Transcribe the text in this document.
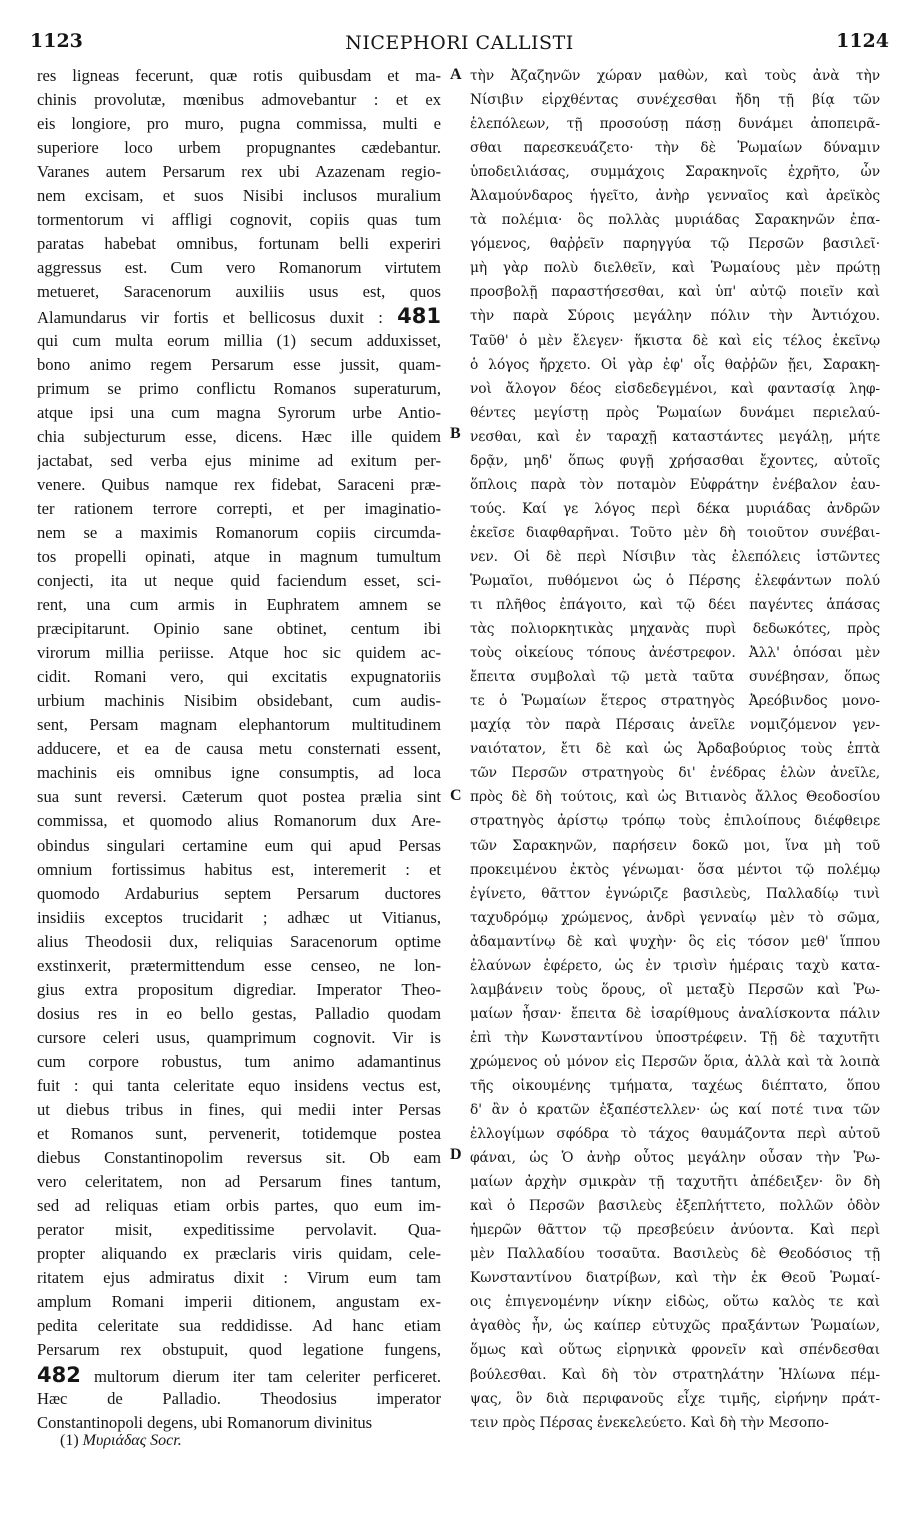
1123	NICEPHORI CALLISTI	1124
res ligneas fecerunt, quæ rotis quibusdam et ma-
chinis provolutæ, mœnibus admovebantur : et ex
eis longiore, pro muro, pugna commissa, multi e
superiore loco urbem propugnantes cædebantur.
Varanes autem Persarum rex ubi Azazenam regio-
nem excisam, et suos Nisibi inclusos muralium
tormentorum vi affligi cognovit, copiis quas tum
paratas habebat omnibus, fortunam belli experiri
aggressus est. Cum vero Romanorum virtutem
metueret, Saracenorum auxiliis usus est, quos
Alamundarus vir fortis et bellicosus duxit : 481
qui cum multa eorum millia (1) secum adduxisset,
bono animo regem Persarum esse jussit, quam-
primum se primo conflictu Romanos superaturum,
atque ipsi una cum magna Syrorum urbe Antio-
chia subjecturum esse, dicens. Hæc ille quidem
jactabat, sed verba ejus minime ad exitum per-
venere. Quibus namque rex fidebat, Saraceni præ-
ter rationem terrore correpti, et per imaginatio-
nem se a maximis Romanorum copiis circumda-
tos propelli opinati, atque in magnum tumultum
conjecti, ita ut neque quid faciendum esset, sci-
rent, una cum armis in Euphratem amnem se
præcipitarunt. Opinio sane obtinet, centum ibi
virorum millia periisse. Atque hoc sic quidem ac-
cidit. Romani vero, qui excitatis expugnatoriis
urbium machinis Nisibim obsidebant, cum audis-
sent, Persam magnam elephantorum multitudinem
adducere, et ea de causa metu consternati essent,
machinis eis omnibus igne consumptis, ad loca
sua sunt reversi. Cæterum quot postea prælia sint
commissa, et quomodo alius Romanorum dux Are-
obindus singulari certamine eum qui apud Persas
omnium fortissimus habitus est, interemerit : et
quomodo Ardaburius septem Persarum ductores
insidiis exceptos trucidarit ; adhæc ut Vitianus,
alius Theodosii dux, reliquias Saracenorum optime
exstinxerit, prætermittendum esse censeo, ne lon-
gius extra propositum digrediar. Imperator Theo-
dosius res in eo bello gestas, Palladio quodam
cursore celeri usus, quamprimum cognovit. Vir is
cum corpore robustus, tum animo adamantinus
fuit : qui tanta celeritate equo insidens vectus est,
ut diebus tribus in fines, qui medii inter Persas
et Romanos sunt, pervenerit, totidemque postea
diebus Constantinopolim reversus sit. Ob eam
vero celeritatem, non ad Persarum fines tantum,
sed ad reliquas etiam orbis partes, quo eum im-
perator misit, expeditissime pervolavit. Qua-
propter aliquando ex præclaris viris quidam, cele-
ritatem ejus admiratus dixit : Virum eum tam
amplum Romani imperii ditionem, angustam ex-
pedita celeritate sua reddidisse. Ad hanc etiam
Persarum rex obstupuit, quod legatione fungens,
482 multorum dierum iter tam celeriter perficeret.
Hæc de Palladio. Theodosius imperator
Constantinopoli degens, ubi Romanorum divinitus
τὴν Ἀζαζηνῶν χώραν μαθὼν, καὶ τοὺς ἀνὰ τὴν
Νίσιβιν εἱρχθέντας συνέχεσθαι ἤδη τῇ βίᾳ τῶν
ἑλεπόλεων, τῇ προσούσῃ πάσῃ δυνάμει ἀποπειρᾶ-
σθαι παρεσκευάζετο· τὴν δὲ Ῥωμαίων δύναμιν
ὑποδειλιάσας, συμμάχοις Σαρακηνοῖς ἐχρῆτο, ὧν
Ἀλαμούνδαρος ἡγεῖτο, ἀνὴρ γενναῖος καὶ ἀρεϊκὸς
τὰ πολέμια· ὃς πολλὰς μυριάδας Σαρακηνῶν ἐπα-
γόμενος, θαῤῥεῖν παρηγγύα τῷ Περσῶν βασιλεῖ·
μὴ γὰρ πολὺ διελθεῖν, καὶ Ῥωμαίους μὲν πρώτῃ
προσβολῇ παραστήσεσθαι, καὶ ὑπ' αὐτῷ ποιεῖν καὶ
τὴν παρὰ Σύροις μεγάλην πόλιν τὴν Ἀντιόχου.
Ταῦθ' ὁ μὲν ἔλεγεν· ἥκιστα δὲ καὶ εἰς τέλος ἐκεῖνῳ
ὁ λόγος ἤρχετο. Οἱ γὰρ ἐφ' οἷς θαῤῥῶν ᾔει, Σαρακη-
νοὶ ἄλογον δέος εἰσδεδεγμένοι, καὶ φαντασίᾳ ληφ-
θέντες μεγίστῃ πρὸς Ῥωμαίων δυνάμει περιελαύ-
νεσθαι, καὶ ἐν ταραχῇ καταστάντες μεγάλῃ, μήτε
δρᾷν, μηδ' ὅπως φυγῇ χρήσασθαι ἔχοντες, αὐτοῖς
ὅπλοις παρὰ τὸν ποταμὸν Εὐφράτην ἐνέβαλον ἑαυ-
τούς. Καί γε λόγος περὶ δέκα μυριάδας ἀνδρῶν
ἐκεῖσε διαφθαρῆναι. Τοῦτο μὲν δὴ τοιοῦτον συνέβαι-
νεν. Οἱ δὲ περὶ Νίσιβιν τὰς ἑλεπόλεις ἱστῶντες
Ῥωμαῖοι, πυθόμενοι ὡς ὁ Πέρσης ἐλεφάντων πολύ
τι πλῆθος ἐπάγοιτο, καὶ τῷ δέει παγέντες ἁπάσας
τὰς πολιορκητικὰς μηχανὰς πυρὶ δεδωκότες, πρὸς
τοὺς οἰκείους τόπους ἀνέστρεφον. Ἀλλ' ὁπόσαι μὲν
ἔπειτα συμβολαὶ τῷ μετὰ ταῦτα συνέβησαν, ὅπως
τε ὁ Ῥωμαίων ἕτερος στρατηγὸς Ἀρεόβινδος μονο-
μαχίᾳ τὸν παρὰ Πέρσαις ἀνεῖλε νομιζόμενον γεν-
ναιότατον, ἔτι δὲ καὶ ὡς Ἀρδαβούριος τοὺς ἑπτὰ
τῶν Περσῶν στρατηγοὺς δι' ἐνέδρας ἑλὼν ἀνεῖλε,
πρὸς δὲ δὴ τούτοις, καὶ ὡς Βιτιανὸς ἄλλος Θεοδοσίου
στρατηγὸς ἀρίστῳ τρόπῳ τοὺς ἐπιλοίπους διέφθειρε
τῶν Σαρακηνῶν, παρήσειν δοκῶ μοι, ἵνα μὴ τοῦ
προκειμένου ἐκτὸς γένωμαι· ὅσα μέντοι τῷ πολέμῳ
ἐγίνετο, θᾶττον ἐγνώριζε βασιλεὺς, Παλλαδίῳ τινὶ
ταχυδρόμῳ χρώμενος, ἀνδρὶ γενναίῳ μὲν τὸ σῶμα,
ἀδαμαντίνῳ δὲ καὶ ψυχὴν· ὃς εἰς τόσον μεθ' ἵππου
ἐλαύνων ἐφέρετο, ὡς ἐν τρισὶν ἡμέραις ταχὺ κατα-
λαμβάνειν τοὺς ὅρους, οἳ μεταξὺ Περσῶν καὶ Ῥω-
μαίων ἦσαν· ἔπειτα δὲ ἰσαρίθμους ἀναλίσκοντα πάλιν
ἐπὶ τὴν Κωνσταντίνου ὑποστρέφειν. Τῇ δὲ ταχυτῆτι
χρώμενος οὐ μόνον εἰς Περσῶν ὅρια, ἀλλὰ καὶ τὰ λοιπὰ
τῆς οἰκουμένης τμήματα, ταχέως διέπτατο, ὅπου
δ' ἂν ὁ κρατῶν ἐξαπέστελλεν· ὡς καί ποτέ τινα τῶν
ἐλλογίμων σφόδρα τὸ τάχος θαυμάζοντα περὶ αὐτοῦ
φάναι, ὡς Ὁ ἀνὴρ οὗτος μεγάλην οὖσαν τὴν Ῥω-
μαίων ἀρχὴν σμικρὰν τῇ ταχυτῆτι ἀπέδειξεν· ὃν δὴ
καὶ ὁ Περσῶν βασιλεὺς ἐξεπλήττετο, πολλῶν ὁδὸν
ἡμερῶν θᾶττον τῷ πρεσβεύειν ἀνύοντα. Καὶ περὶ
μὲν Παλλαδίου τοσαῦτα. Βασιλεὺς δὲ Θεοδόσιος τῇ
Κωνσταντίνου διατρίβων, καὶ τὴν ἐκ Θεοῦ Ῥωμαί-
οις ἐπιγενομένην νίκην εἰδὼς, οὕτω καλὸς τε καὶ
ἀγαθὸς ἦν, ὡς καίπερ εὐτυχῶς πραξάντων Ῥωμαίων,
ὅμως καὶ οὕτως εἰρηνικὰ φρονεῖν καὶ σπένδεσθαι
βούλεσθαι. Καὶ δὴ τὸν στρατηλάτην Ἡλίωνα πέμ-
ψας, ὃν διὰ περιφανοῦς εἶχε τιμῆς, εἰρήνην πράτ-
τειν πρὸς Πέρσας ἐνεκελεύετο. Καὶ δὴ τὴν Μεσοπο-
A
B
C
D
(1) Μυριάδας Socr.
